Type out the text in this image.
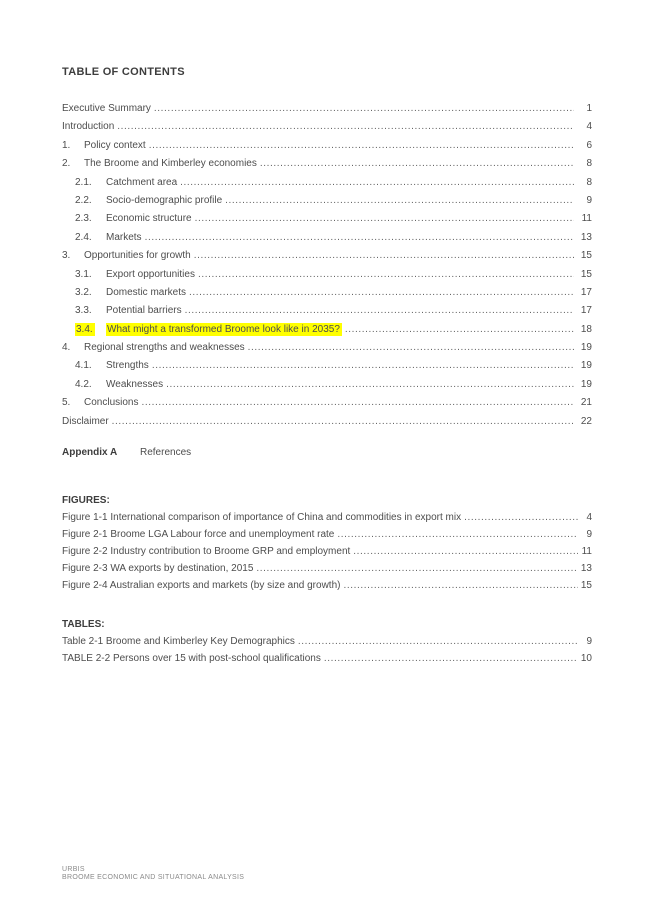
TABLE OF CONTENTS
Executive Summary .....	1
Introduction .....	4
1.	Policy context .....	6
2.	The Broome and Kimberley economies .....	8
2.1.	Catchment area .....	8
2.2.	Socio-demographic profile .....	9
2.3.	Economic structure .....	11
2.4.	Markets .....	13
3.	Opportunities for growth .....	15
3.1.	Export opportunities .....	15
3.2.	Domestic markets .....	17
3.3.	Potential barriers .....	17
3.4.	What might a transformed Broome look like in 2035? .....	18
4.	Regional strengths and weaknesses .....	19
4.1.	Strengths .....	19
4.2.	Weaknesses .....	19
5.	Conclusions .....	21
Disclaimer .....	22
Appendix A	References
FIGURES:
Figure 1-1 International comparison of importance of China and commodities in export mix .....	4
Figure 2-1 Broome LGA Labour force and unemployment rate .....	9
Figure 2-2 Industry contribution to Broome GRP and employment .....	11
Figure 2-3 WA exports by destination, 2015 .....	13
Figure 2-4 Australian exports and markets (by size and growth) .....	15
TABLES:
Table 2-1 Broome and Kimberley Key Demographics .....	9
TABLE 2-2 Persons over 15 with post-school qualifications .....	10
URBIS
BROOME ECONOMIC AND SITUATIONAL ANALYSIS
